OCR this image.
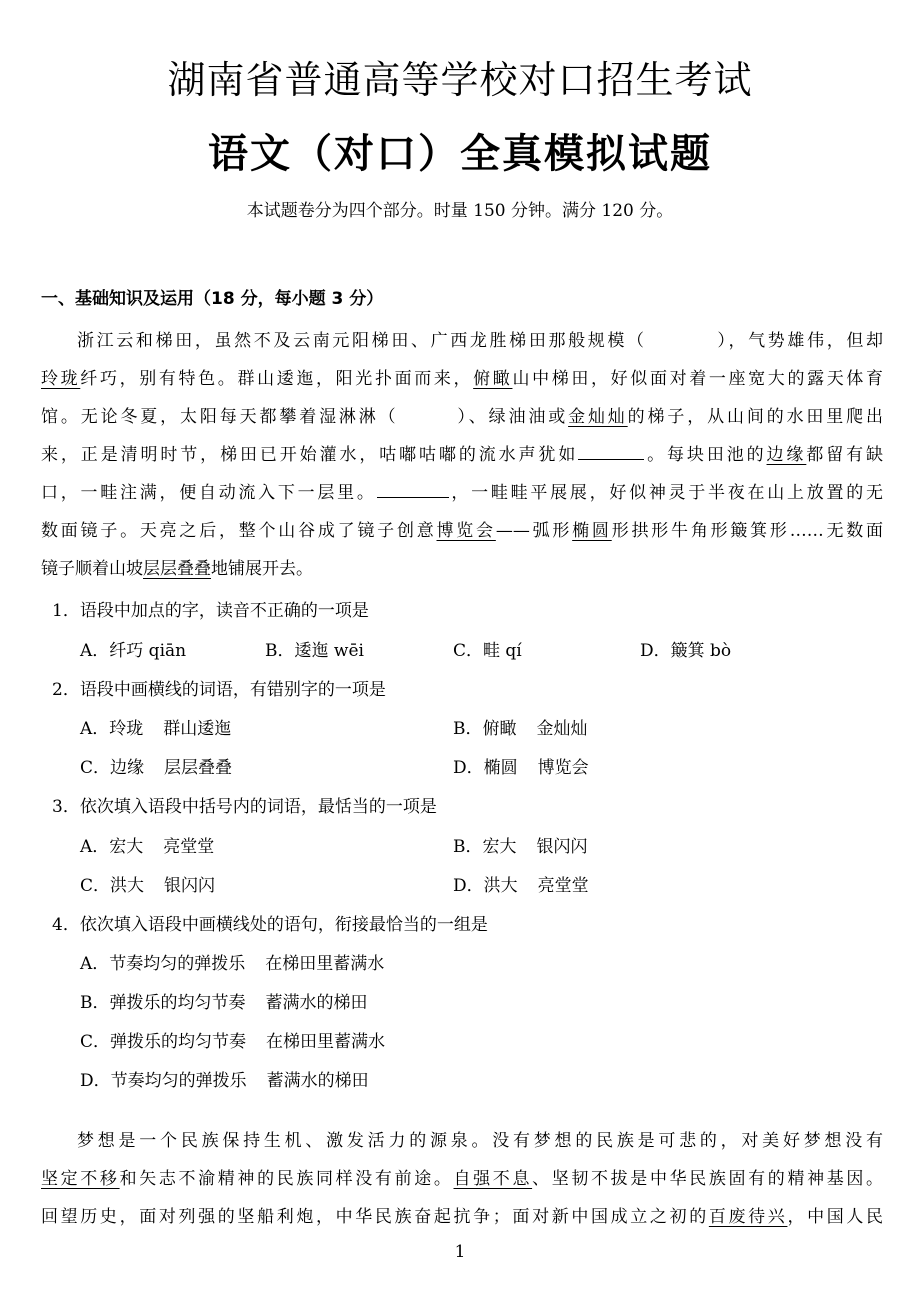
湖南省普通高等学校对口招生考试
语文（对口）全真模拟试题
本试题卷分为四个部分。时量 150 分钟。满分 120 分。
一、基础知识及运用（18 分，每小题 3 分）
浙江云和梯田，虽然不及云南元阳梯田、广西龙胜梯田那般规模（	），气势雄伟，但却
玲珑纤巧，别有特色。群山逶迤，阳光扑面而来，俯瞰山中梯田，好似面对着一座宽大的露天体育
馆。无论冬夏，太阳每天都攀着湿淋淋（	）、绿油油或金灿灿的梯子，从山间的水田里爬出
来，正是清明时节，梯田已开始灌水，咕嘟咕嘟的流水声犹如	。每块田池的边缘都留有缺
口，一畦注满，便自动流入下一层里。	，一畦畦平展展，好似神灵于半夜在山上放置的无
数面镜子。天亮之后，整个山谷成了镜子创意博览会——弧形椭圆形拱形牛角形簸箕形……无数面
镜子顺着山坡层层叠叠地铺展开去。
1．语段中加点的字，读音不正确的一项是
A．纤巧 qiān	B．逶迤 wēi	C．畦 qí	D．簸箕 bò
2．语段中画横线的词语，有错别字的一项是
A．玲珑 群山逶迤	B．俯瞰 金灿灿
C．边缘 层层叠叠	D．椭圆 博览会
3．依次填入语段中括号内的词语，最恬当的一项是
A．宏大 亮堂堂	B．宏大 银闪闪
C．洪大 银闪闪	D．洪大 亮堂堂
4．依次填入语段中画横线处的语句，衔接最恰当的一组是
A．节奏均匀的弹拨乐 在梯田里蓄满水
B．弹拨乐的均匀节奏 蓄满水的梯田
C．弹拨乐的均匀节奏 在梯田里蓄满水
D．节奏均匀的弹拨乐 蓄满水的梯田
梦想是一个民族保持生机、激发活力的源泉。没有梦想的民族是可悲的，对美好梦想没有
坚定不移和矢志不渝精神的民族同样没有前途。自强不息、坚韧不拔是中华民族固有的精神基因。
回望历史，面对列强的坚船利炮，中华民族奋起抗争；面对新中国成立之初的百废待兴，中国人民
1
